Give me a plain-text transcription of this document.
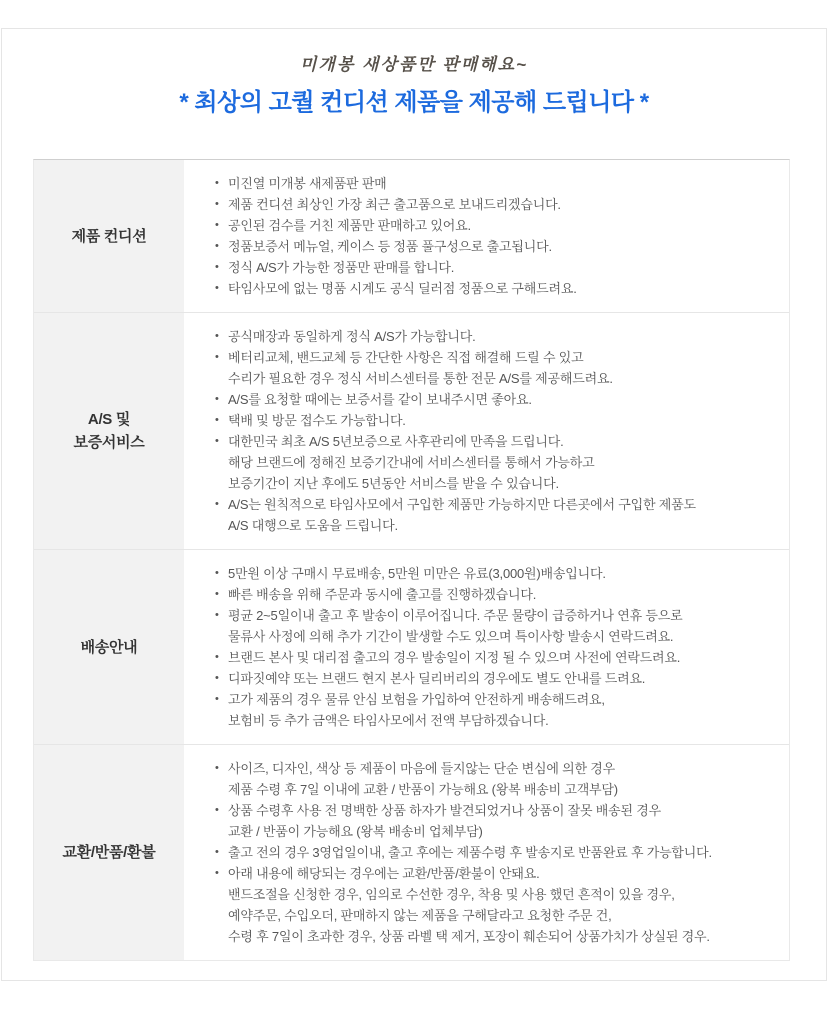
미개봉 새상품만 판매해요~
* 최상의 고퀄 컨디션 제품을 제공해 드립니다 *
제품 컨디션
• 미진열 미개봉 새제품판 판매
• 제품 컨디션 최상인 가장 최근 출고품으로 보내드리겠습니다.
• 공인된 검수를 거친 제품만 판매하고 있어요.
• 정품보증서 메뉴얼, 케이스 등 정품 풀구성으로 출고됩니다.
• 정식 A/S가 가능한 정품만 판매를 합니다.
• 타임사모에 없는 명품 시계도 공식 딜러점 정품으로 구해드려요.
A/S 및
보증서비스
• 공식매장과 동일하게 정식 A/S가 가능합니다.
• 베터리교체, 밴드교체 등 간단한 사항은 직접 해결해 드릴 수 있고
수리가 필요한 경우 정식 서비스센터를 통한 전문 A/S를 제공해드려요.
• A/S를 요청할 때에는 보증서를 같이 보내주시면 좋아요.
• 택배 및 방문 접수도 가능합니다.
• 대한민국 최초 A/S 5년보증으로 사후관리에 만족을 드립니다.
해당 브랜드에 정해진 보증기간내에 서비스센터를 통해서 가능하고
보증기간이 지난 후에도 5년동안 서비스를 받을 수 있습니다.
• A/S는 원칙적으로 타임사모에서 구입한 제품만 가능하지만 다른곳에서 구입한 제품도
A/S 대행으로 도움을 드립니다.
배송안내
• 5만원 이상 구매시 무료배송, 5만원 미만은 유료(3,000원)배송입니다.
• 빠른 배송을 위해 주문과 동시에 출고를 진행하겠습니다.
• 평균 2~5일이내 출고 후 발송이 이루어집니다. 주문 물량이 급증하거나 연휴 등으로
물류사 사정에 의해 추가 기간이 발생할 수도 있으며 특이사항 발송시 연락드려요.
• 브랜드 본사 및 대리점 출고의 경우 발송일이 지정 될 수 있으며 사전에 연락드려요.
• 디파짓예약 또는 브랜드 현지 본사 딜리버리의 경우에도 별도 안내를 드려요.
• 고가 제품의 경우 물류 안심 보험을 가입하여 안전하게 배송해드려요,
보험비 등 추가 금액은 타임사모에서 전액 부담하겠습니다.
교환/반품/환불
• 사이즈, 디자인, 색상 등 제품이 마음에 들지않는 단순 변심에 의한 경우
제품 수령 후 7일 이내에 교환 / 반품이 가능해요 (왕복 배송비 고객부담)
• 상품 수령후 사용 전 명백한 상품 하자가 발견되었거나 상품이 잘못 배송된 경우
교환 / 반품이 가능해요 (왕복 배송비 업체부담)
• 출고 전의 경우 3영업일이내, 출고 후에는 제품수령 후 발송지로 반품완료 후 가능합니다.
• 아래 내용에 해당되는 경우에는 교환/반품/환불이 안돼요.
밴드조절을 신청한 경우, 임의로 수선한 경우, 착용 및 사용 했던 흔적이 있을 경우,
예약주문, 수입오더, 판매하지 않는 제품을 구해달라고 요청한 주문 건,
수령 후 7일이 초과한 경우, 상품 라벨 택 제거, 포장이 훼손되어 상품가치가 상실된 경우.
